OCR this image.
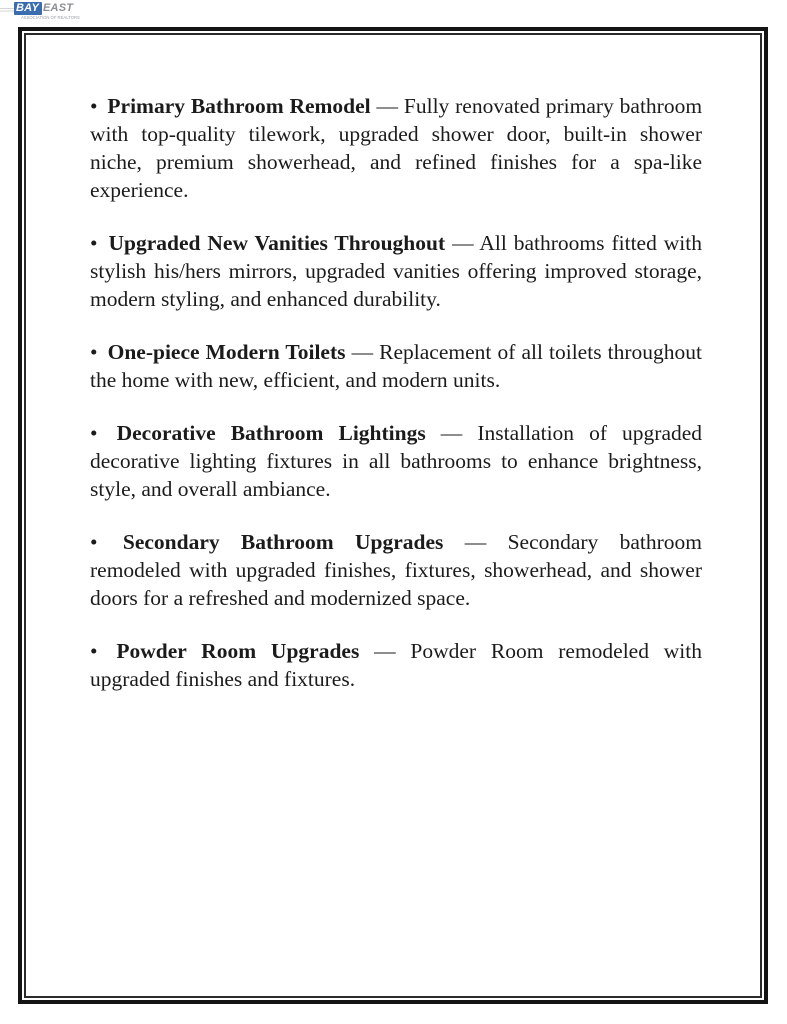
BAY EAST
ASSOCIATION OF REALTORS

• Primary Bathroom Remodel — Fully renovated primary bathroom with top-quality tilework, upgraded shower door, built-in shower niche, premium showerhead, and refined finishes for a spa-like experience.

• Upgraded New Vanities Throughout — All bathrooms fitted with stylish his/hers mirrors, upgraded vanities offering improved storage, modern styling, and enhanced durability.

• One-piece Modern Toilets — Replacement of all toilets throughout the home with new, efficient, and modern units.

• Decorative Bathroom Lightings — Installation of upgraded decorative lighting fixtures in all bathrooms to enhance brightness, style, and overall ambiance.

• Secondary Bathroom Upgrades — Secondary bathroom remodeled with upgraded finishes, fixtures, showerhead, and shower doors for a refreshed and modernized space.

• Powder Room Upgrades — Powder Room remodeled with upgraded finishes and fixtures.
